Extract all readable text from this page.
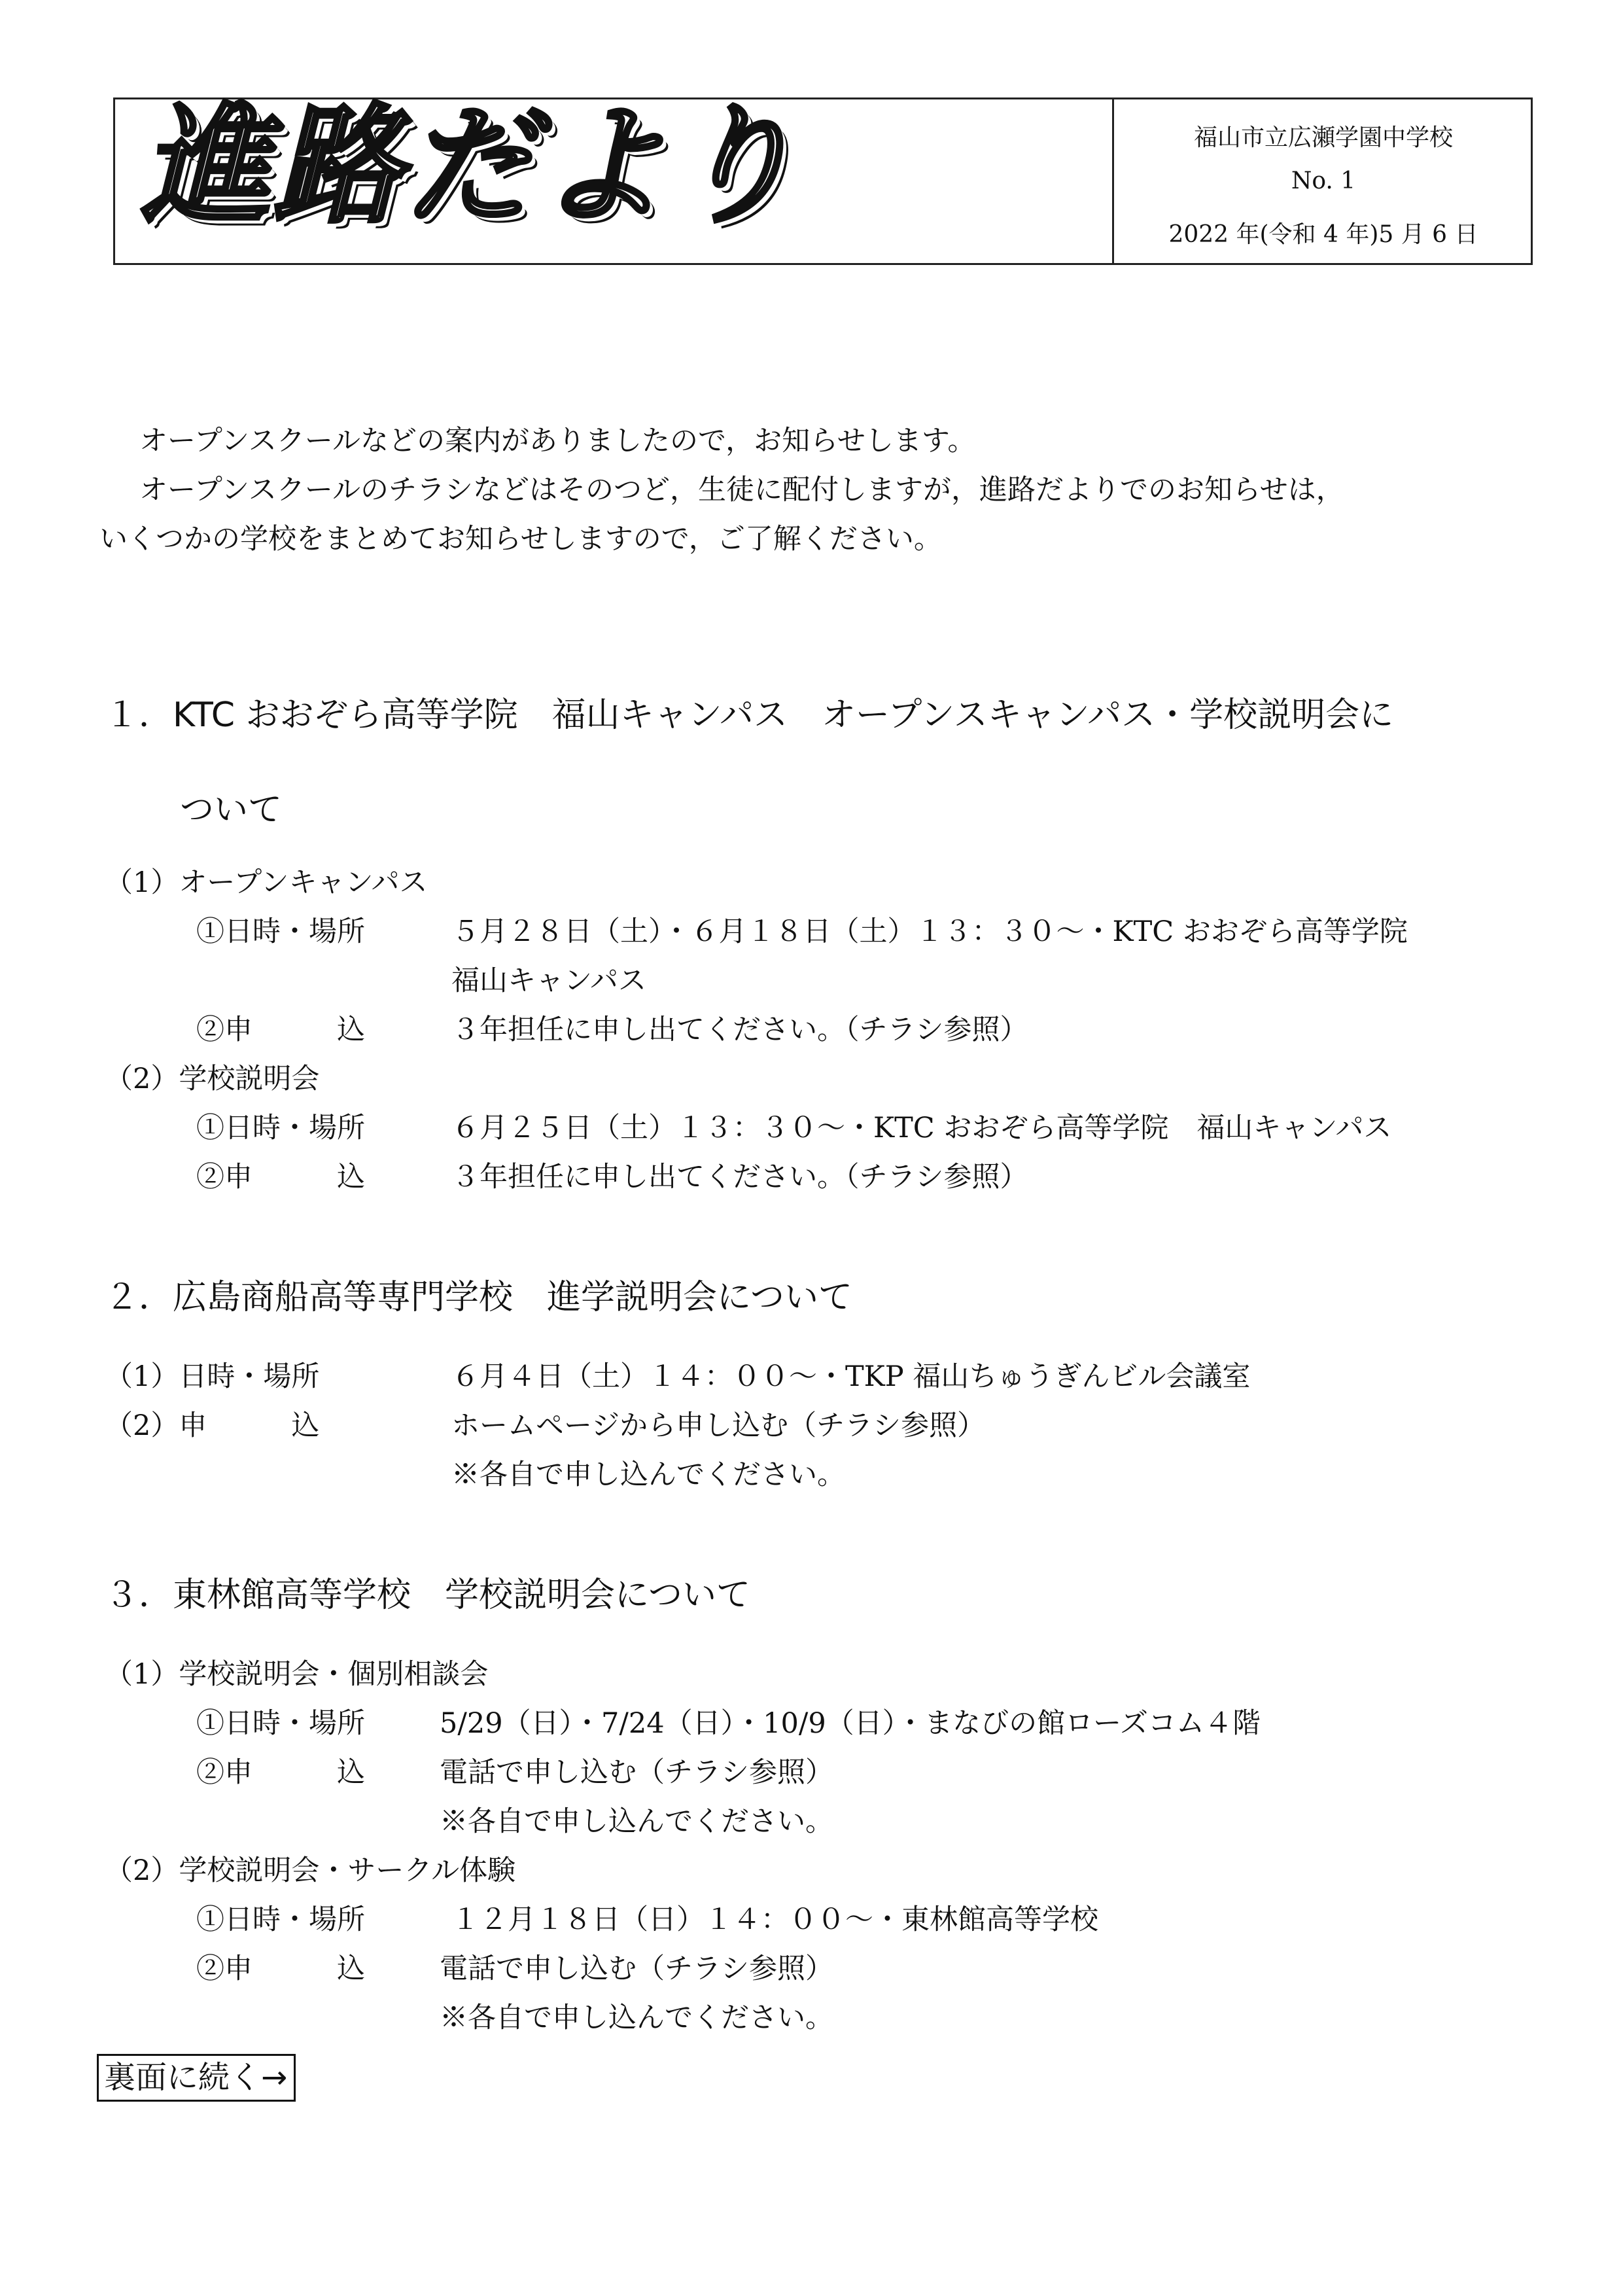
進路だより	福山市立広瀬学園中学校
No. 1
2022 年(令和 4 年)5 月 6 日
オープンスクールなどの案内がありましたので，お知らせします。
オープンスクールのチラシなどはそのつど，生徒に配付しますが，進路だよりでのお知らせは，
いくつかの学校をまとめてお知らせしますので，ご了解ください。
１．KTC おおぞら高等学院　福山キャンパス　オープンスキャンパス・学校説明会に
ついて
（1）オープンキャンパス
①日時・場所	５月２８日（土）・６月１８日（土）１３：３０～・KTC おおぞら高等学院
福山キャンパス
②申　　　込	３年担任に申し出てください。（チラシ参照）
（2）学校説明会
①日時・場所	６月２５日（土）１３：３０～・KTC おおぞら高等学院　福山キャンパス
②申　　　込	３年担任に申し出てください。（チラシ参照）
２．広島商船高等専門学校　進学説明会について
（1）日時・場所	６月４日（土）１４：００～・TKP 福山ちゅうぎんビル会議室
（2）申　　　込	ホームページから申し込む（チラシ参照）
※各自で申し込んでください。
３．東林館高等学校　学校説明会について
（1）学校説明会・個別相談会
①日時・場所	5/29（日）・7/24（日）・10/9（日）・まなびの館ローズコム４階
②申　　　込	電話で申し込む（チラシ参照）
※各自で申し込んでください。
（2）学校説明会・サークル体験
①日時・場所	１２月１８日（日）１４：００～・東林館高等学校
②申　　　込	電話で申し込む（チラシ参照）
※各自で申し込んでください。
裏面に続く→
